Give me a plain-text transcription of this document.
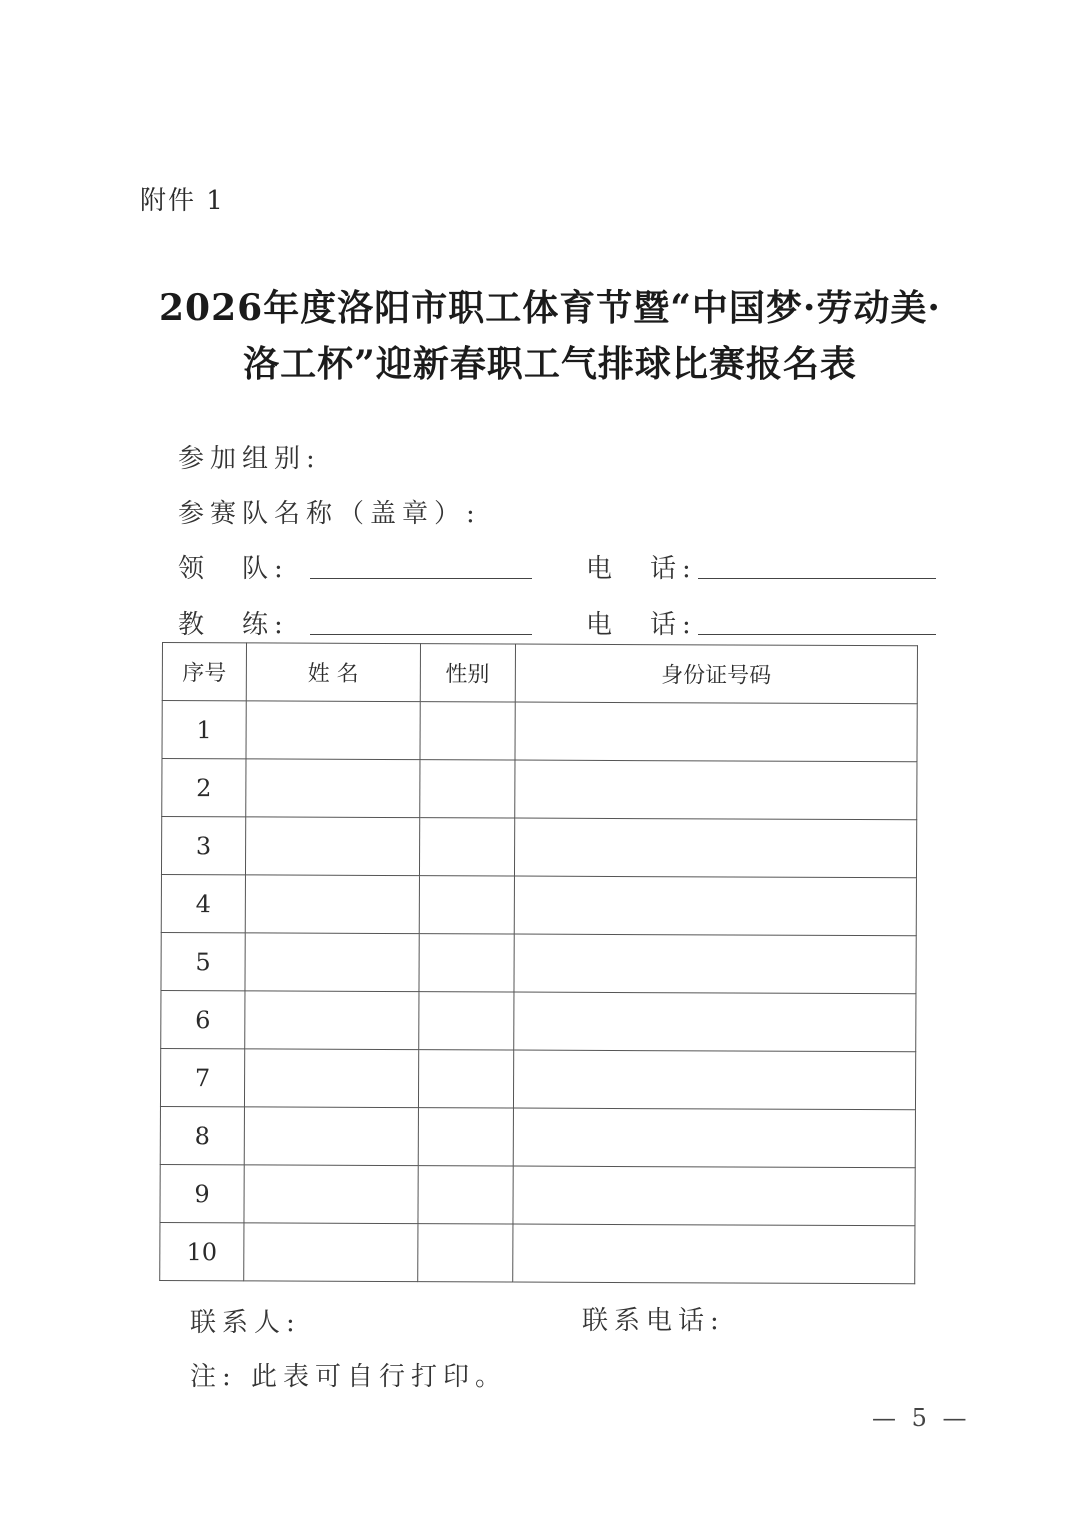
附件 1
2026年度洛阳市职工体育节暨“中国梦·劳动美·
洛工杯”迎新春职工气排球比赛报名表
参加组别:
参赛队名称（盖章）:
领　队:	电　话:
教　练:	电　话:
序号	姓 名	性别	身份证号码
1			
2			
3			
4			
5			
6			
7			
8			
9			
10			
联系人:	联系电话:
注: 此表可自行打印。
— 5 —
